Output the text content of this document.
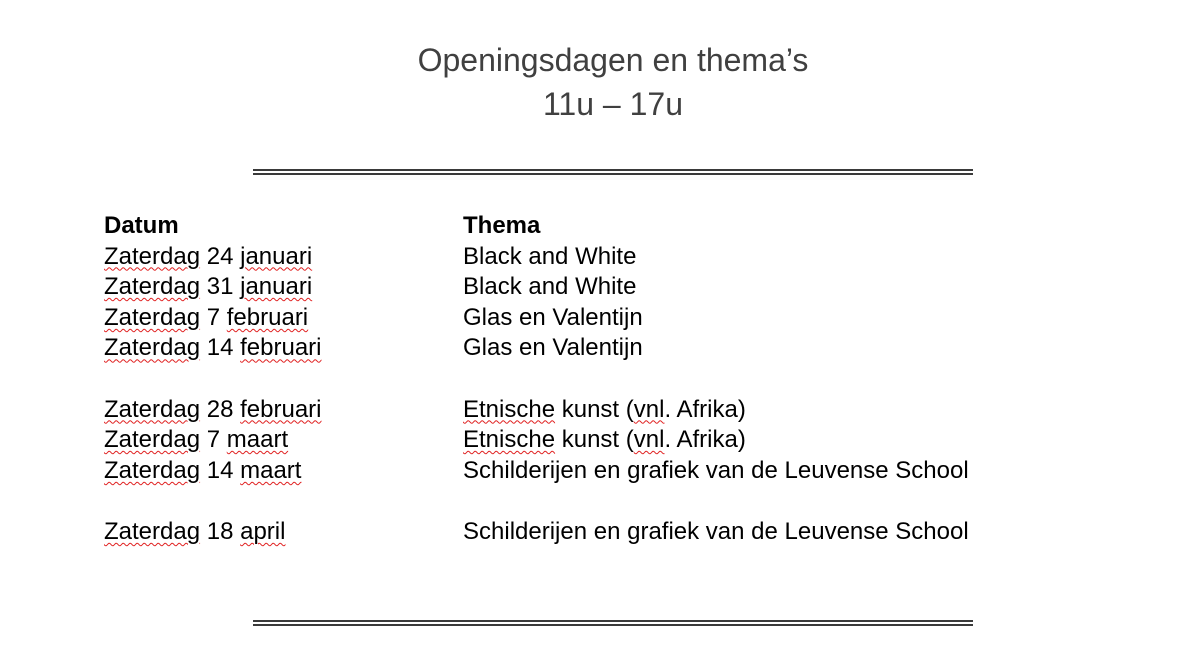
Openingsdagen en thema’s
11u – 17u
Datum	Thema
Zaterdag 24 januari	Black and White
Zaterdag 31 januari	Black and White
Zaterdag 7 februari	Glas en Valentijn
Zaterdag 14 februari	Glas en Valentijn
Zaterdag 28 februari	Etnische kunst (vnl. Afrika)
Zaterdag 7 maart	Etnische kunst (vnl. Afrika)
Zaterdag 14 maart	Schilderijen en grafiek van de Leuvense School
Zaterdag 18 april	Schilderijen en grafiek van de Leuvense School
